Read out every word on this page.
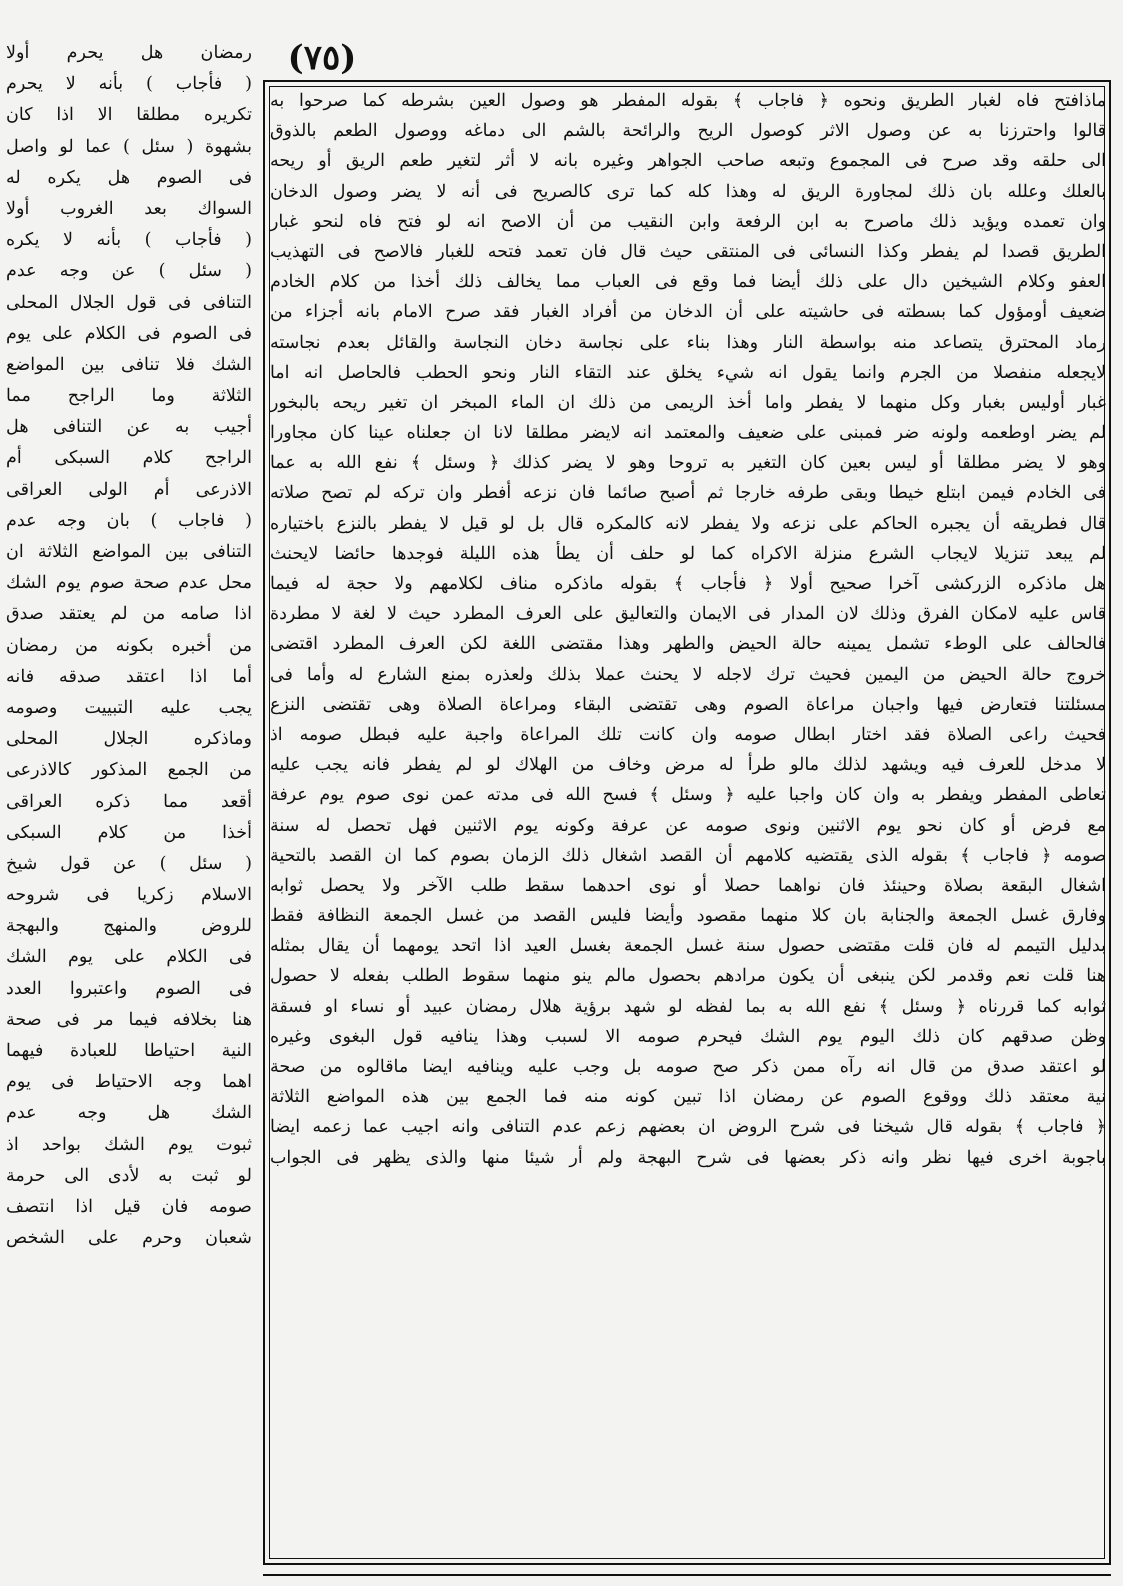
(٧٥)
رمضان هل يحرم أولا
( فأجاب ) بأنه لا يحرم
تكريره مطلقا الا اذا كان
بشهوة ( سئل ) عما لو واصل
فى الصوم هل يكره له
السواك بعد الغروب أولا
( فأجاب ) بأنه لا يكره
( سئل ) عن وجه عدم
التنافى فى قول الجلال المحلى
فى الصوم فى الكلام على يوم
الشك فلا تنافى بين المواضع
الثلاثة وما الراجح مما
أجيب به عن التنافى هل
الراجح كلام السبكى أم
الاذرعى أم الولى العراقى
( فاجاب ) بان وجه عدم
التنافى بين المواضع الثلاثة ان
محل عدم صحة صوم يوم الشك
اذا صامه من لم يعتقد صدق
من أخبره بكونه من رمضان
أما اذا اعتقد صدقه فانه
يجب عليه التبييت وصومه
وماذكره الجلال المحلى
من الجمع المذكور كالاذرعى
أقعد مما ذكره العراقى
أخذا من كلام السبكى
( سئل ) عن قول شيخ
الاسلام زكريا فى شروحه
للروض والمنهج والبهجة
فى الكلام على يوم الشك
فى الصوم واعتبروا العدد
هنا بخلافه فيما مر فى صحة
النية احتياطا للعبادة فيهما
اهما وجه الاحتياط فى يوم
الشك هل وجه عدم
ثبوت يوم الشك بواحد اذ
لو ثبت به لأدى الى حرمة
صومه فان قيل اذا انتصف
شعبان وحرم على الشخص
ماذافتح فاه لغبار الطريق ونحوه ﴿ فاجاب ﴾ بقوله المفطر هو وصول العين بشرطه كما صرحوا به
قالوا واحترزنا به عن وصول الاثر كوصول الريح والرائحة بالشم الى دماغه ووصول الطعم بالذوق
الى حلقه وقد صرح فى المجموع وتبعه صاحب الجواهر وغيره بانه لا أثر لتغير طعم الريق أو ريحه
بالعلك وعلله بان ذلك لمجاورة الريق له وهذا كله كما ترى كالصريح فى أنه لا يضر وصول الدخان
وان تعمده ويؤيد ذلك ماصرح به ابن الرفعة وابن النقيب من أن الاصح انه لو فتح فاه لنحو غبار
الطريق قصدا لم يفطر وكذا النسائى فى المنتقى حيث قال فان تعمد فتحه للغبار فالاصح فى التهذيب
العفو وكلام الشيخين دال على ذلك أيضا فما وقع فى العباب مما يخالف ذلك أخذا من كلام الخادم
ضعيف أومؤول كما بسطته فى حاشيته على أن الدخان من أفراد الغبار فقد صرح الامام بانه أجزاء من
رماد المحترق يتصاعد منه بواسطة النار وهذا بناء على نجاسة دخان النجاسة والقائل بعدم نجاسته
لايجعله منفصلا من الجرم وانما يقول انه شيء يخلق عند التقاء النار ونحو الحطب فالحاصل انه اما
غبار أوليس بغبار وكل منهما لا يفطر واما أخذ الريمى من ذلك ان الماء المبخر ان تغير ريحه بالبخور
لم يضر اوطعمه ولونه ضر فمبنى على ضعيف والمعتمد انه لايضر مطلقا لانا ان جعلناه عينا كان مجاورا
وهو لا يضر مطلقا أو ليس بعين كان التغير به تروحا وهو لا يضر كذلك ﴿ وسئل ﴾ نفع الله به عما
فى الخادم فيمن ابتلع خيطا وبقى طرفه خارجا ثم أصبح صائما فان نزعه أفطر وان تركه لم تصح صلاته
قال فطريقه أن يجبره الحاكم على نزعه ولا يفطر لانه كالمكره قال بل لو قيل لا يفطر بالنزع باختياره
لم يبعد تنزيلا لايجاب الشرع منزلة الاكراه كما لو حلف أن يطأ هذه الليلة فوجدها حائضا لايحنث
هل ماذكره الزركشى آخرا صحيح أولا ﴿ فأجاب ﴾ بقوله ماذكره مناف لكلامهم ولا حجة له فيما
قاس عليه لامكان الفرق وذلك لان المدار فى الايمان والتعاليق على العرف المطرد حيث لا لغة لا مطردة
فالحالف على الوطء تشمل يمينه حالة الحيض والطهر وهذا مقتضى اللغة لكن العرف المطرد اقتضى
خروج حالة الحيض من اليمين فحيث ترك لاجله لا يحنث عملا بذلك ولعذره بمنع الشارع له وأما فى
مسئلتنا فتعارض فيها واجبان مراعاة الصوم وهى تقتضى البقاء ومراعاة الصلاة وهى تقتضى النزع
فحيث راعى الصلاة فقد اختار ابطال صومه وان كانت تلك المراعاة واجبة عليه فبطل صومه اذ
لا مدخل للعرف فيه ويشهد لذلك مالو طرأ له مرض وخاف من الهلاك لو لم يفطر فانه يجب عليه
تعاطى المفطر ويفطر به وان كان واجبا عليه ﴿ وسئل ﴾ فسح الله فى مدته عمن نوى صوم يوم عرفة
مع فرض أو كان نحو يوم الاثنين ونوى صومه عن عرفة وكونه يوم الاثنين فهل تحصل له سنة
صومه ﴿ فاجاب ﴾ بقوله الذى يقتضيه كلامهم أن القصد اشغال ذلك الزمان بصوم كما ان القصد بالتحية
اشغال البقعة بصلاة وحينئذ فان نواهما حصلا أو نوى احدهما سقط طلب الآخر ولا يحصل ثوابه
وفارق غسل الجمعة والجنابة بان كلا منهما مقصود وأيضا فليس القصد من غسل الجمعة النظافة فقط
بدليل التيمم له فان قلت مقتضى حصول سنة غسل الجمعة بغسل العيد اذا اتحد يومهما أن يقال بمثله
هنا قلت نعم وقدمر لكن ينبغى أن يكون مرادهم بحصول مالم ينو منهما سقوط الطلب بفعله لا حصول
ثوابه كما قررناه ﴿ وسئل ﴾ نفع الله به بما لفظه لو شهد برؤية هلال رمضان عبيد أو نساء او فسقة
وظن صدقهم كان ذلك اليوم يوم الشك فيحرم صومه الا لسبب وهذا ينافيه قول البغوى وغيره
لو اعتقد صدق من قال انه رآه ممن ذكر صح صومه بل وجب عليه وينافيه ايضا ماقالوه من صحة
نية معتقد ذلك ووقوع الصوم عن رمضان اذا تبين كونه منه فما الجمع بين هذه المواضع الثلاثة
﴿ فاجاب ﴾ بقوله قال شيخنا فى شرح الروض ان بعضهم زعم عدم التنافى وانه اجيب عما زعمه ايضا
باجوبة اخرى فيها نظر وانه ذكر بعضها فى شرح البهجة ولم أر شيئا منها والذى يظهر فى الجواب
